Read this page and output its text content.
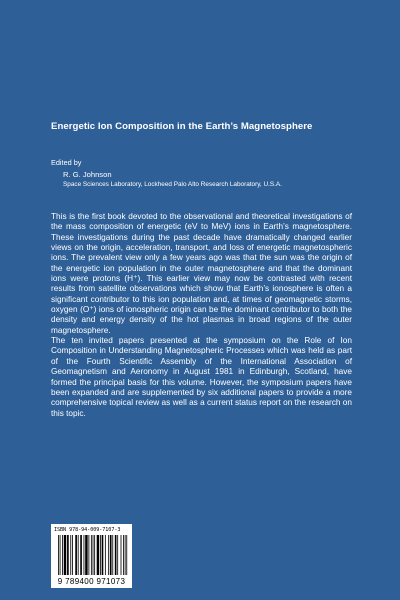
Energetic Ion Composition in the Earth’s Magnetosphere
Edited by
R. G. Johnson
Space Sciences Laboratory, Lockheed Palo Alto Research Laboratory, U.S.A.

This is the first book devoted to the observational and theoretical investigations of the mass composition of energetic (eV to MeV) ions in Earth’s magnetosphere. These investigations during the past decade have dramatically changed earlier views on the origin, acceleration, transport, and loss of energetic magnetospheric ions. The prevalent view only a few years ago was that the sun was the origin of the energetic ion population in the outer magnetosphere and that the dominant ions were protons (H⁺). This earlier view may now be contrasted with recent results from satellite observations which show that Earth’s ionosphere is often a significant contributor to this ion population and, at times of geomagnetic storms, oxygen (O⁺) ions of ionospheric origin can be the dominant contributor to both the density and energy density of the hot plasmas in broad regions of the outer magnetosphere.

The ten invited papers presented at the symposium on the Role of Ion Composition in Understanding Magnetospheric Processes which was held as part of the Fourth Scientific Assembly of the International Association of Geomagnetism and Aeronomy in August 1981 in Edinburgh, Scotland, have formed the principal basis for this volume. However, the symposium papers have been expanded and are supplemented by six additional papers to provide a more comprehensive topical review as well as a current status report on the research on this topic.

ISBN 978-94-009-7107-3
9 789400 971073
